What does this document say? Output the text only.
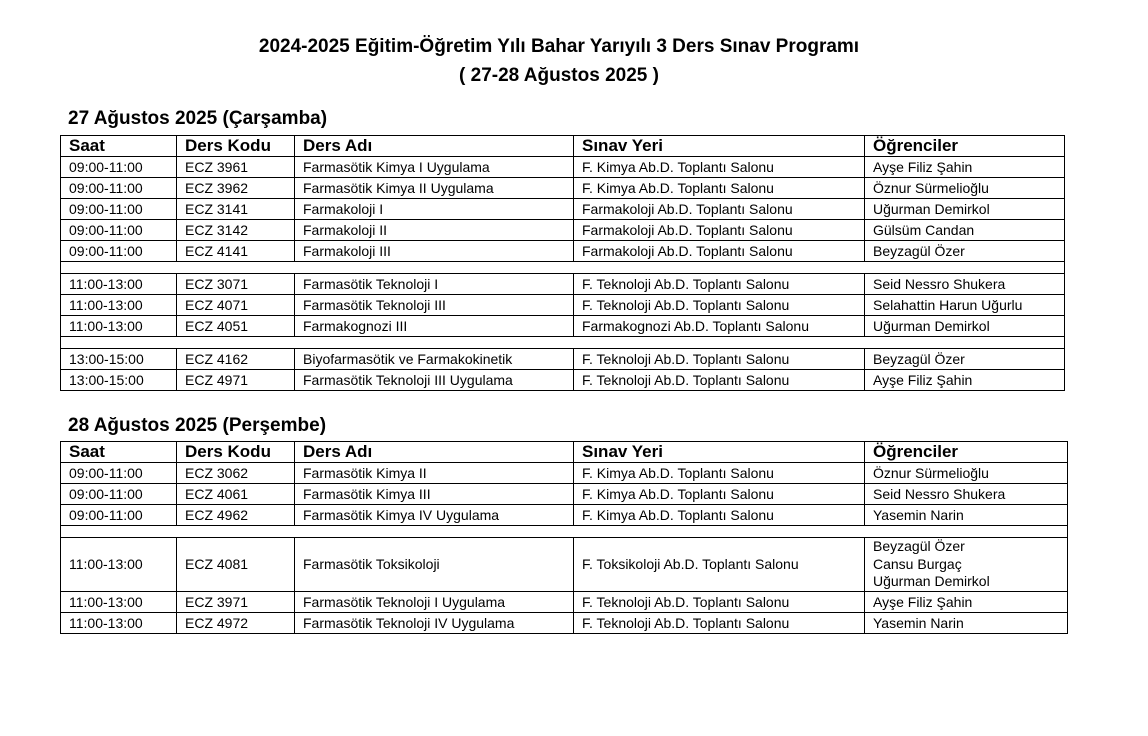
2024-2025 Eğitim-Öğretim Yılı Bahar Yarıyılı 3 Ders Sınav Programı
( 27-28 Ağustos 2025 )
27 Ağustos 2025 (Çarşamba)
Saat	Ders Kodu	Ders Adı	Sınav Yeri	Öğrenciler
09:00-11:00	ECZ 3961	Farmasötik Kimya I Uygulama	F. Kimya Ab.D. Toplantı Salonu	Ayşe Filiz Şahin
09:00-11:00	ECZ 3962	Farmasötik Kimya II Uygulama	F. Kimya Ab.D. Toplantı Salonu	Öznur Sürmelioğlu
09:00-11:00	ECZ 3141	Farmakoloji I	Farmakoloji Ab.D. Toplantı Salonu	Uğurman Demirkol
09:00-11:00	ECZ 3142	Farmakoloji II	Farmakoloji Ab.D. Toplantı Salonu	Gülsüm Candan
09:00-11:00	ECZ 4141	Farmakoloji III	Farmakoloji Ab.D. Toplantı Salonu	Beyzagül Özer

11:00-13:00	ECZ 3071	Farmasötik Teknoloji I	F. Teknoloji Ab.D. Toplantı Salonu	Seid Nessro Shukera
11:00-13:00	ECZ 4071	Farmasötik Teknoloji III	F. Teknoloji Ab.D. Toplantı Salonu	Selahattin Harun Uğurlu
11:00-13:00	ECZ 4051	Farmakognozi III	Farmakognozi Ab.D. Toplantı Salonu	Uğurman Demirkol

13:00-15:00	ECZ 4162	Biyofarmasötik ve Farmakokinetik	F. Teknoloji Ab.D. Toplantı Salonu	Beyzagül Özer
13:00-15:00	ECZ 4971	Farmasötik Teknoloji III Uygulama	F. Teknoloji Ab.D. Toplantı Salonu	Ayşe Filiz Şahin
28 Ağustos 2025 (Perşembe)
Saat	Ders Kodu	Ders Adı	Sınav Yeri	Öğrenciler
09:00-11:00	ECZ 3062	Farmasötik Kimya II	F. Kimya Ab.D. Toplantı Salonu	Öznur Sürmelioğlu
09:00-11:00	ECZ 4061	Farmasötik Kimya III	F. Kimya Ab.D. Toplantı Salonu	Seid Nessro Shukera
09:00-11:00	ECZ 4962	Farmasötik Kimya IV Uygulama	F. Kimya Ab.D. Toplantı Salonu	Yasemin Narin

11:00-13:00	ECZ 4081	Farmasötik Toksikoloji	F. Toksikoloji Ab.D. Toplantı Salonu	Beyzagül Özer
Cansu Burgaç
Uğurman Demirkol

11:00-13:00	ECZ 3971	Farmasötik Teknoloji I Uygulama	F. Teknoloji Ab.D. Toplantı Salonu	Ayşe Filiz Şahin
11:00-13:00	ECZ 4972	Farmasötik Teknoloji IV Uygulama	F. Teknoloji Ab.D. Toplantı Salonu	Yasemin Narin
